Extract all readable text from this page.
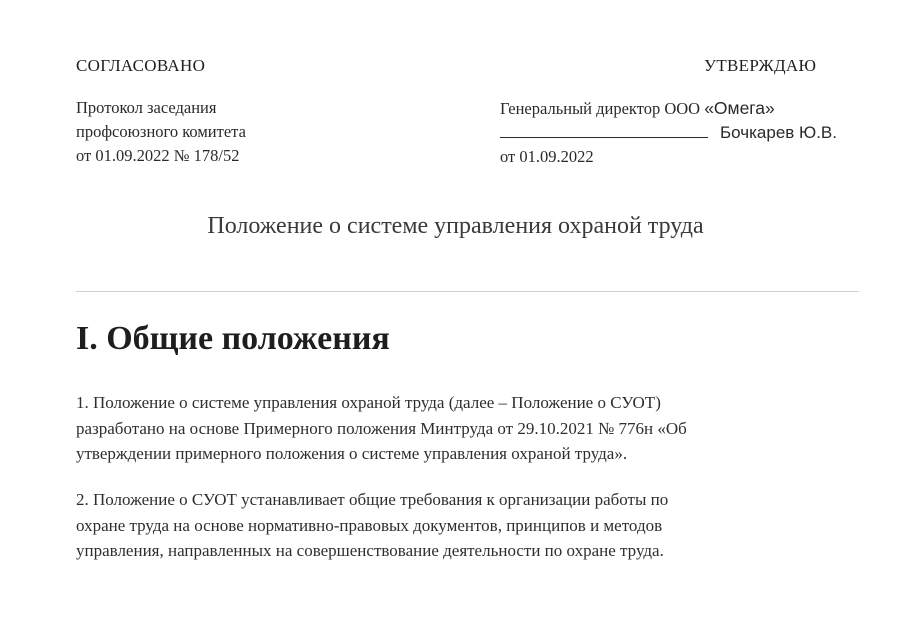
СОГЛАСОВАНО	УТВЕРЖДАЮ
Протокол заседания
профсоюзного комитета
от 01.09.2022 № 178/52
Генеральный директор ООО «Омега»
Бочкарев Ю.В.
от 01.09.2022
Положение о системе управления охраной труда
I. Общие положения
1. Положение о системе управления охраной труда (далее – Положение о СУОТ)
разработано на основе Примерного положения Минтруда от 29.10.2021 № 776н «Об
утверждении примерного положения о системе управления охраной труда».
2. Положение о СУОТ устанавливает общие требования к организации работы по
охране труда на основе нормативно-правовых документов, принципов и методов
управления, направленных на совершенствование деятельности по охране труда.
